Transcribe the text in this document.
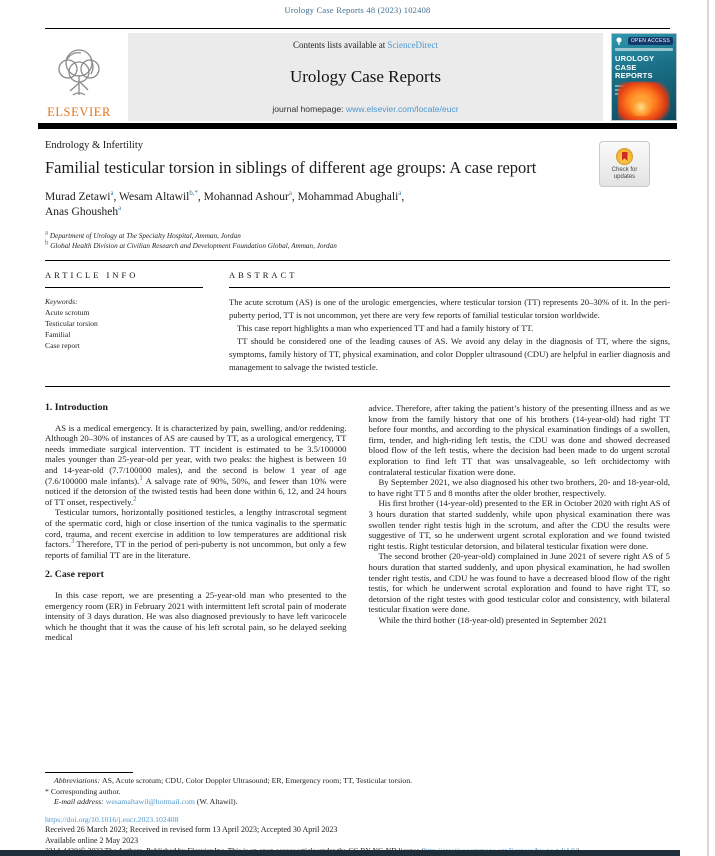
Urology Case Reports 48 (2023) 102408
ELSEVIER
Contents lists available at ScienceDirect
Urology Case Reports
journal homepage: www.elsevier.com/locate/eucr
OPEN ACCESS
UROLOGY
CASE REPORTS
Check for
updates
Endrology & Infertility
Familial testicular torsion in siblings of different age groups: A case report
Murad Zetawi$^a$, Wesam Altawil$^{b,*}$, Mohannad Ashour$^a$, Mohammad Abughali$^a$,
Anas Ghousheh$^a$
$^a$ Department of Urology at The Specialty Hospital, Amman, Jordan
$^b$ Global Health Division at Civilian Research and Development Foundation Global, Amman, Jordan
ARTICLE INFO
Keywords:
Acute scrotum
Testicular torsion
Familial
Case report
ABSTRACT

The acute scrotum (AS) is one of the urologic emergencies, where testicular torsion (TT) represents 20–30% of it. In the peri-puberty period, TT is not uncommon, yet there are very few reports of familial testicular torsion worldwide.

This case report highlights a man who experienced TT and had a family history of TT.

TT should be considered one of the leading causes of AS. We avoid any delay in the diagnosis of TT, where the signs, symptoms, family history of TT, physical examination, and color Doppler ultrasound (CDU) are helpful in earlier diagnosis and management to salvage the twisted testicle.

1. Introduction

AS is a medical emergency. It is characterized by pain, swelling, and/or reddening. Although 20–30% of instances of AS are caused by TT, as a urological emergency, TT needs immediate surgical intervention. TT incident is estimated to be 3.5/100000 males younger than 25-year-old per year, with two peaks: the highest is between 10 and 14-year-old (7.7/100000 males), and the second is below 1 year of age (7.6/100000 male infants).$^1$ A salvage rate of 90%, 50%, and fewer than 10% were noticed if the detorsion of the twisted testis had been done within 6, 12, and 24 hours of TT onset, respectively.$^2$

Testicular tumors, horizontally positioned testicles, a lengthy intrascrotal segment of the spermatic cord, high or close insertion of the tunica vaginalis to the spermatic cord, trauma, and recent exercise in addition to low temperatures are additional risk factors.$^3$ Therefore, TT in the period of peri-puberty is not uncommon, but only a few reports of familial TT are in the literature.

2. Case report

In this case report, we are presenting a 25-year-old man who presented to the emergency room (ER) in February 2021 with intermittent left scrotal pain of moderate intensity of 3 days duration. He was also diagnosed previously to have left varicocele which he thought that it was the cause of his left scrotal pain, so he delayed seeking medical

advice. Therefore, after taking the patient’s history of the presenting illness and as we know from the family history that one of his brothers (14-year-old) had right TT before four months, and according to the physical examination findings of a swollen, firm, tender, and high-riding left testis, the CDU was done and showed decreased blood flow of the left testis, where the decision had been made to do urgent scrotal exploration to find left TT that was unsalvageable, so left orchidectomy with contralateral testicular fixation were done.

By September 2021, we also diagnosed his other two brothers, 20- and 18-year-old, to have right TT 5 and 8 months after the older brother, respectively.

His first brother (14-year-old) presented to the ER in October 2020 with right AS of 3 hours duration that started suddenly, while upon physical examination there was swollen tender right testis high in the scrotum, and after the CDU the results were suggestive of TT, so he underwent urgent scrotal exploration and we found twisted right testis. Right testicular detorsion, and bilateral testicular fixation were done.

The second brother (20-year-old) complained in June 2021 of severe right AS of 5 hours duration that started suddenly, and upon physical examination, he had swollen tender right testis, and CDU he was found to have a decreased blood flow of the right testis, for which he underwent scrotal exploration and found to have right TT, so detorsion of the right testes with good testicular color and consistency, with bilateral testicular fixation were done.

While the third bother (18-year-old) presented in September 2021

Abbreviations: AS, Acute scrotum; CDU, Color Doppler Ultrasound; ER, Emergency room; TT, Testicular torsion.
* Corresponding author.
E-mail address: wesamaltawil@hotmail.com (W. Altawil).
https://doi.org/10.1016/j.eucr.2023.102408
Received 26 March 2023; Received in revised form 13 April 2023; Accepted 30 April 2023
Available online 2 May 2023
